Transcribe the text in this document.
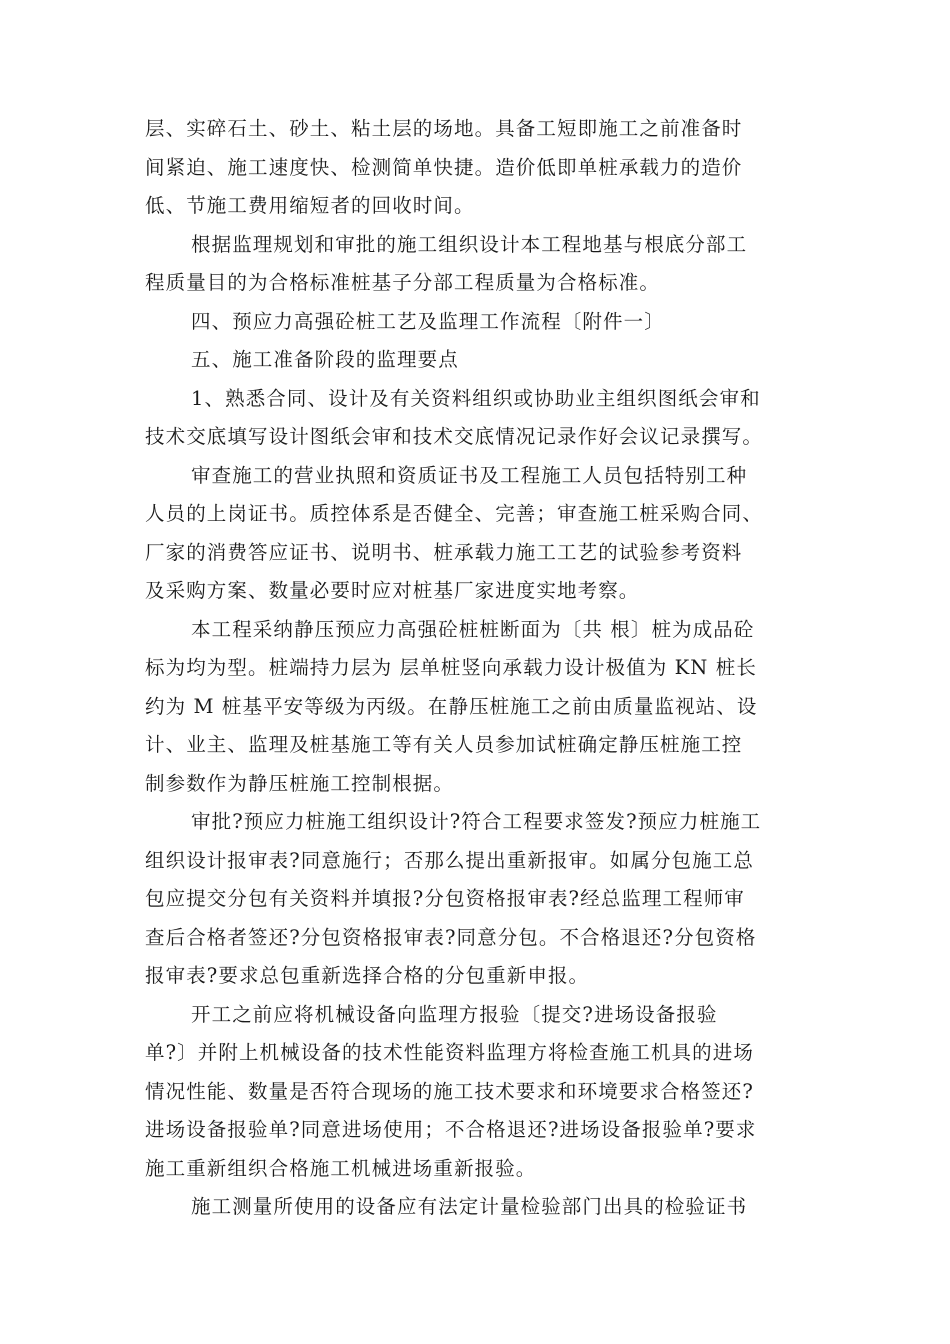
层、实碎石土、砂土、粘土层的场地。具备工短即施工之前准备时
间紧迫、施工速度快、检测简单快捷。造价低即单桩承载力的造价
低、节施工费用缩短者的回收时间。

根据监理规划和审批的施工组织设计本工程地基与根底分部工
程质量目的为合格标准桩基子分部工程质量为合格标准。

四、预应力高强砼桩工艺及监理工作流程〔附件一〕

五、施工准备阶段的监理要点

1、熟悉合同、设计及有关资料组织或协助业主组织图纸会审和
技术交底填写设计图纸会审和技术交底情况记录作好会议记录撰写。

审查施工的营业执照和资质证书及工程施工人员包括特别工种
人员的上岗证书。质控体系是否健全、完善；审查施工桩采购合同、
厂家的消费答应证书、说明书、桩承载力施工工艺的试验参考资料
及采购方案、数量必要时应对桩基厂家进度实地考察。

本工程采纳静压预应力高强砼桩桩断面为〔共 根〕桩为成品砼
标为均为型。桩端持力层为 层单桩竖向承载力设计极值为 KN 桩长
约为 M 桩基平安等级为丙级。在静压桩施工之前由质量监视站、设
计、业主、监理及桩基施工等有关人员参加试桩确定静压桩施工控
制参数作为静压桩施工控制根据。

审批?预应力桩施工组织设计?符合工程要求签发?预应力桩施工
组织设计报审表?同意施行；否那么提出重新报审。如属分包施工总
包应提交分包有关资料并填报?分包资格报审表?经总监理工程师审
查后合格者签还?分包资格报审表?同意分包。不合格退还?分包资格
报审表?要求总包重新选择合格的分包重新申报。

开工之前应将机械设备向监理方报验〔提交?进场设备报验
单?〕并附上机械设备的技术性能资料监理方将检查施工机具的进场
情况性能、数量是否符合现场的施工技术要求和环境要求合格签还?
进场设备报验单?同意进场使用；不合格退还?进场设备报验单?要求
施工重新组织合格施工机械进场重新报验。

施工测量所使用的设备应有法定计量检验部门出具的检验证书
